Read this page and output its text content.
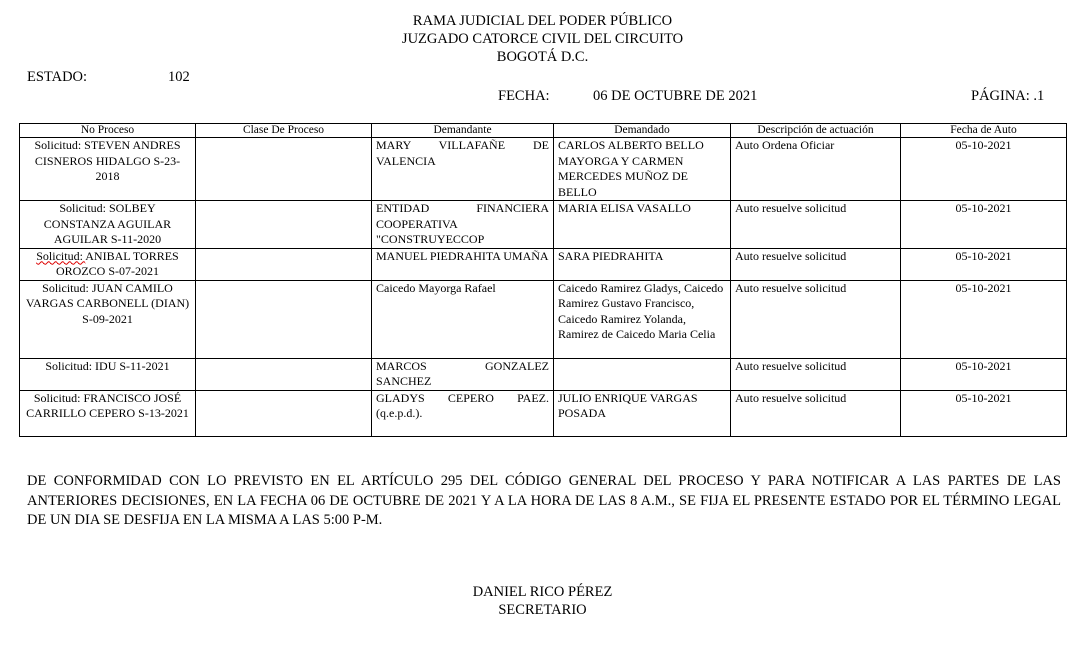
RAMA JUDICIAL DEL PODER PÚBLICO
JUZGADO CATORCE CIVIL DEL CIRCUITO
BOGOTÁ D.C.
ESTADO:	102
FECHA:	06 DE OCTUBRE DE 2021	PÁGINA: .1
No Proceso	Clase De Proceso	Demandante	Demandado	Descripción de actuación	Fecha de Auto
Solicitud: STEVEN ANDRES CISNEROS HIDALGO S-23-2018		MARY VILLAFAÑE DE VALENCIA	CARLOS ALBERTO BELLO MAYORGA Y CARMEN MERCEDES MUÑOZ DE BELLO	Auto Ordena Oficiar	05-10-2021
Solicitud: SOLBEY CONSTANZA AGUILAR AGUILAR S-11-2020		ENTIDAD FINANCIERA COOPERATIVA "CONSTRUYECCOP	MARIA ELISA VASALLO	Auto resuelve solicitud	05-10-2021
Solicitud: ANIBAL TORRES OROZCO S-07-2021		MANUEL PIEDRAHITA UMAÑA	SARA PIEDRAHITA	Auto resuelve solicitud	05-10-2021
Solicitud: JUAN CAMILO VARGAS CARBONELL (DIAN) S-09-2021		Caicedo Mayorga Rafael	Caicedo Ramirez Gladys, Caicedo Ramirez Gustavo Francisco, Caicedo Ramirez Yolanda, Ramirez de Caicedo Maria Celia	Auto resuelve solicitud	05-10-2021
Solicitud: IDU S-11-2021		MARCOS GONZALEZ SANCHEZ		Auto resuelve solicitud	05-10-2021
Solicitud: FRANCISCO JOSÉ CARRILLO CEPERO S-13-2021		GLADYS CEPERO PAEZ. (q.e.p.d.).	JULIO ENRIQUE VARGAS POSADA	Auto resuelve solicitud	05-10-2021
DE CONFORMIDAD CON LO PREVISTO EN EL ARTÍCULO 295 DEL CÓDIGO GENERAL DEL PROCESO Y PARA NOTIFICAR A LAS PARTES DE LAS ANTERIORES DECISIONES, EN LA FECHA 06 DE OCTUBRE DE 2021 Y A LA HORA DE LAS 8 A.M., SE FIJA EL PRESENTE ESTADO POR EL TÉRMINO LEGAL DE UN DIA SE DESFIJA EN LA MISMA A LAS 5:00 P-M.
DANIEL RICO PÉREZ
SECRETARIO
